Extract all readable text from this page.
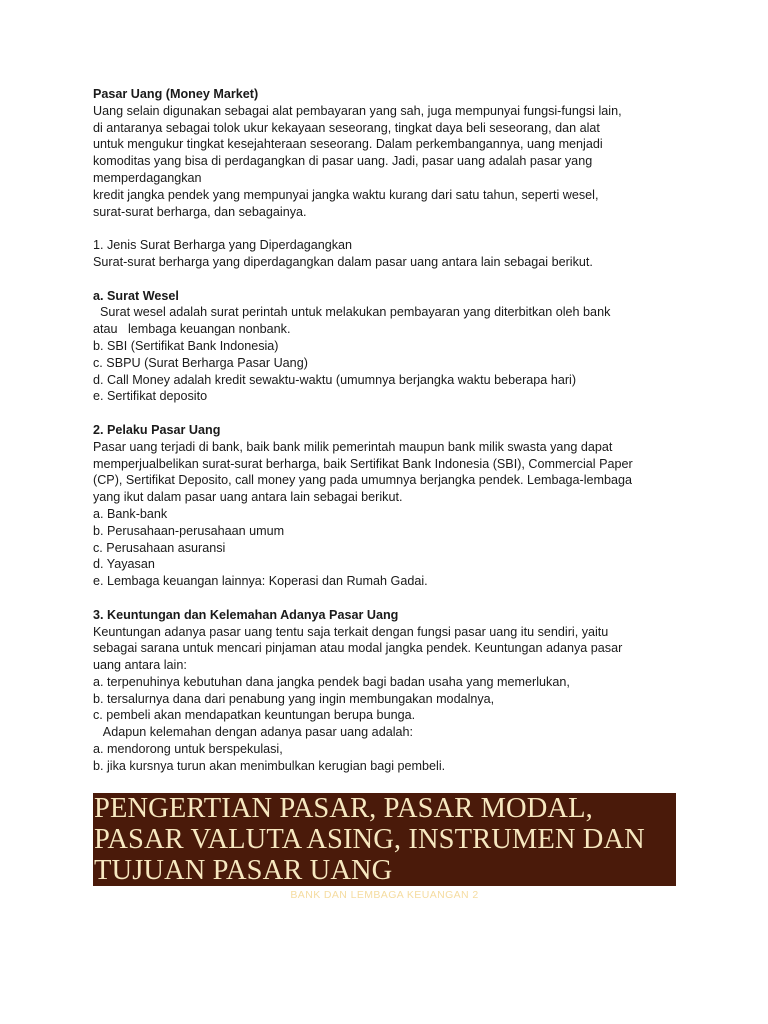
Pasar Uang (Money Market)
Uang selain digunakan sebagai alat pembayaran yang sah, juga mempunyai fungsi-fungsi lain,
di antaranya sebagai tolok ukur kekayaan seseorang, tingkat daya beli seseorang, dan alat
untuk mengukur tingkat kesejahteraan seseorang. Dalam perkembangannya, uang menjadi
komoditas yang bisa di perdagangkan di pasar uang. Jadi, pasar uang adalah pasar yang
memperdagangkan
kredit jangka pendek yang mempunyai jangka waktu kurang dari satu tahun, seperti wesel,
surat-surat berharga, dan sebagainya.
1. Jenis Surat Berharga yang Diperdagangkan
Surat-surat berharga yang diperdagangkan dalam pasar uang antara lain sebagai berikut.
a. Surat Wesel
Surat wesel adalah surat perintah untuk melakukan pembayaran yang diterbitkan oleh bank
atau   lembaga keuangan nonbank.
b. SBI (Sertifikat Bank Indonesia)
c. SBPU (Surat Berharga Pasar Uang)
d. Call Money adalah kredit sewaktu-waktu (umumnya berjangka waktu beberapa hari)
e. Sertifikat deposito
2. Pelaku Pasar Uang
Pasar uang terjadi di bank, baik bank milik pemerintah maupun bank milik swasta yang dapat
memperjualbelikan surat-surat berharga, baik Sertifikat Bank Indonesia (SBI), Commercial Paper
(CP), Sertifikat Deposito, call money yang pada umumnya berjangka pendek. Lembaga-lembaga
yang ikut dalam pasar uang antara lain sebagai berikut.
a. Bank-bank
b. Perusahaan-perusahaan umum
c. Perusahaan asuransi
d. Yayasan
e. Lembaga keuangan lainnya: Koperasi dan Rumah Gadai.
3. Keuntungan dan Kelemahan Adanya Pasar Uang
Keuntungan adanya pasar uang tentu saja terkait dengan fungsi pasar uang itu sendiri, yaitu
sebagai sarana untuk mencari pinjaman atau modal jangka pendek. Keuntungan adanya pasar
uang antara lain:
a. terpenuhinya kebutuhan dana jangka pendek bagi badan usaha yang memerlukan,
b. tersalurnya dana dari penabung yang ingin membungakan modalnya,
c. pembeli akan mendapatkan keuntungan berupa bunga.
Adapun kelemahan dengan adanya pasar uang adalah:
a. mendorong untuk berspekulasi,
b. jika kursnya turun akan menimbulkan kerugian bagi pembeli.
PENGERTIAN PASAR, PASAR MODAL,
PASAR VALUTA ASING, INSTRUMEN DAN
TUJUAN PASAR UANG
BANK DAN LEMBAGA KEUANGAN 2
